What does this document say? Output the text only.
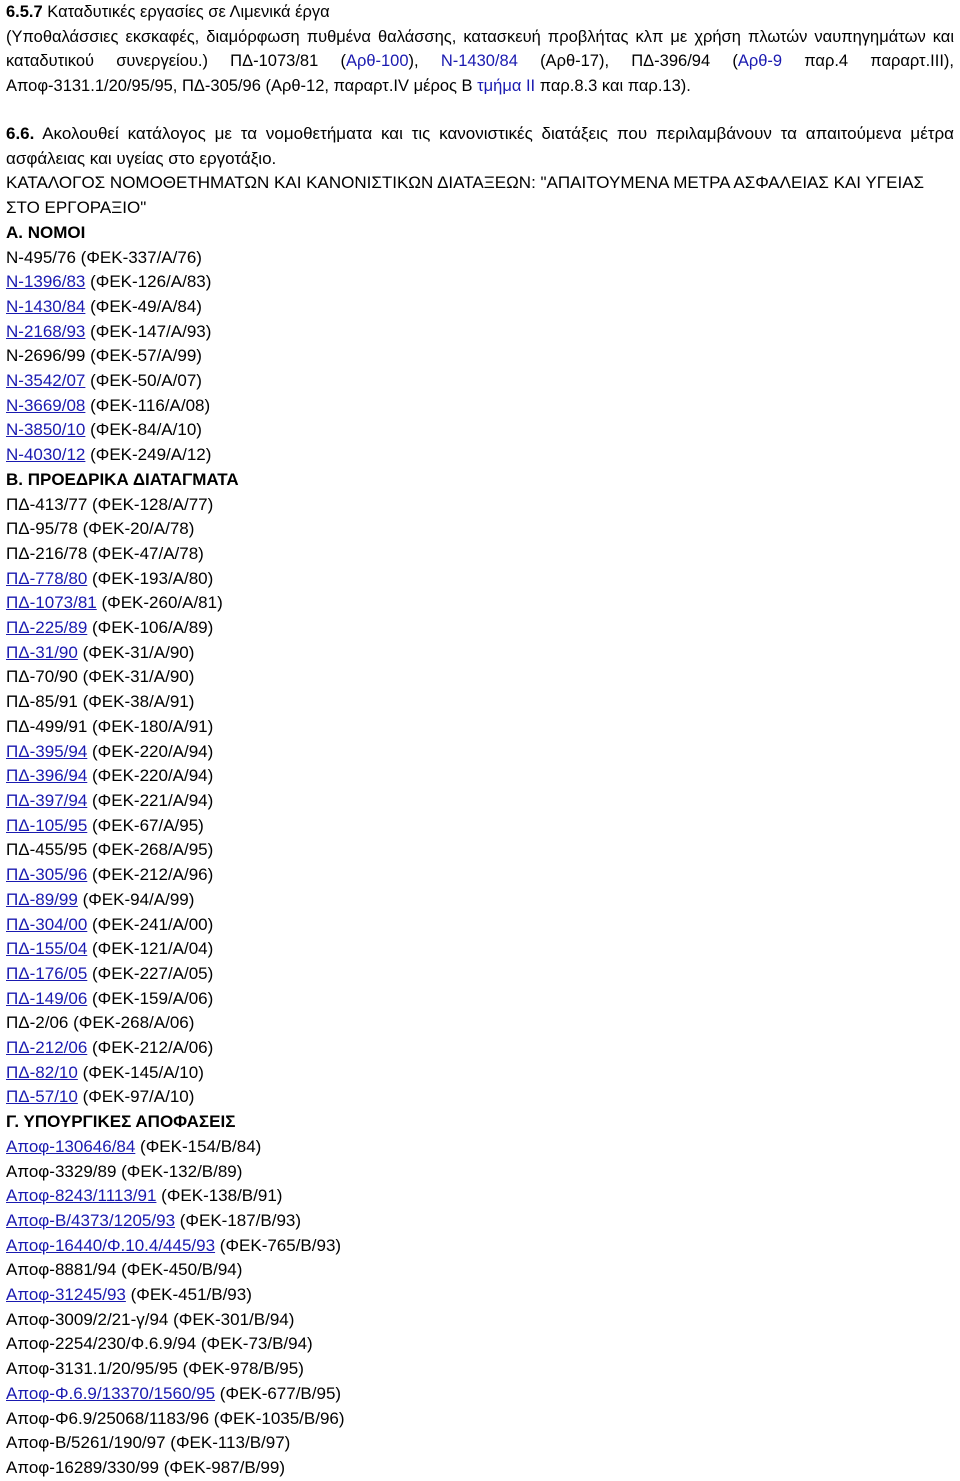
6.5.7 Καταδυτικές εργασίες σε Λιμενικά έργα
(Υποθαλάσσιες εκσκαφές, διαμόρφωση πυθμένα θαλάσσης, κατασκευή προβλήτας κλπ με χρήση πλωτών ναυπηγημάτων και καταδυτικού συνεργείου.) ΠΔ-1073/81 (Αρθ-100), Ν-1430/84 (Αρθ-17), ΠΔ-396/94 (Αρθ-9 παρ.4 παραρτ.III), Αποφ-3131.1/20/95/95, ΠΔ-305/96 (Αρθ-12, παραρτ.IV μέρος Β τμήμα ΙΙ παρ.8.3 και παρ.13).
6.6. Ακολουθεί κατάλογος με τα νομοθετήματα και τις κανονιστικές διατάξεις που περιλαμβάνουν τα απαιτούμενα μέτρα ασφάλειας και υγείας στο εργοτάξιο.
ΚΑΤΑΛΟΓΟΣ ΝΟΜΟΘΕΤΗΜΑΤΩΝ ΚΑΙ ΚΑΝΟΝΙΣΤΙΚΩΝ ΔΙΑΤΑΞΕΩΝ: "ΑΠΑΙΤΟΥΜΕΝΑ ΜΕΤΡΑ ΑΣΦΑΛΕΙΑΣ ΚΑΙ ΥΓΕΙΑΣ ΣΤΟ ΕΡΓΟΡΑΞΙΟ"
Α. ΝΟΜΟΙ
Ν-495/76 (ΦΕΚ-337/Α/76)
Ν-1396/83 (ΦΕΚ-126/Α/83)
Ν-1430/84 (ΦΕΚ-49/Α/84)
Ν-2168/93 (ΦΕΚ-147/Α/93)
Ν-2696/99 (ΦΕΚ-57/Α/99)
Ν-3542/07 (ΦΕΚ-50/Α/07)
Ν-3669/08 (ΦΕΚ-116/Α/08)
Ν-3850/10 (ΦΕΚ-84/Α/10)
Ν-4030/12 (ΦΕΚ-249/Α/12)
Β. ΠΡΟΕΔΡΙΚΑ ΔΙΑΤΑΓΜΑΤΑ
ΠΔ-413/77 (ΦΕΚ-128/Α/77)
ΠΔ-95/78 (ΦΕΚ-20/Α/78)
ΠΔ-216/78 (ΦΕΚ-47/Α/78)
ΠΔ-778/80 (ΦΕΚ-193/Α/80)
ΠΔ-1073/81 (ΦΕΚ-260/Α/81)
ΠΔ-225/89 (ΦΕΚ-106/Α/89)
ΠΔ-31/90 (ΦΕΚ-31/Α/90)
ΠΔ-70/90 (ΦΕΚ-31/Α/90)
ΠΔ-85/91 (ΦΕΚ-38/Α/91)
ΠΔ-499/91 (ΦΕΚ-180/Α/91)
ΠΔ-395/94 (ΦΕΚ-220/Α/94)
ΠΔ-396/94 (ΦΕΚ-220/Α/94)
ΠΔ-397/94 (ΦΕΚ-221/Α/94)
ΠΔ-105/95 (ΦΕΚ-67/Α/95)
ΠΔ-455/95 (ΦΕΚ-268/Α/95)
ΠΔ-305/96 (ΦΕΚ-212/Α/96)
ΠΔ-89/99 (ΦΕΚ-94/Α/99)
ΠΔ-304/00 (ΦΕΚ-241/Α/00)
ΠΔ-155/04 (ΦΕΚ-121/Α/04)
ΠΔ-176/05 (ΦΕΚ-227/Α/05)
ΠΔ-149/06 (ΦΕΚ-159/Α/06)
ΠΔ-2/06 (ΦΕΚ-268/Α/06)
ΠΔ-212/06 (ΦΕΚ-212/Α/06)
ΠΔ-82/10 (ΦΕΚ-145/Α/10)
ΠΔ-57/10 (ΦΕΚ-97/Α/10)
Γ. ΥΠΟΥΡΓΙΚΕΣ ΑΠΟΦΑΣΕΙΣ
Αποφ-130646/84 (ΦΕΚ-154/Β/84)
Αποφ-3329/89 (ΦΕΚ-132/Β/89)
Αποφ-8243/1113/91 (ΦΕΚ-138/Β/91)
Αποφ-Β/4373/1205/93 (ΦΕΚ-187/Β/93)
Αποφ-16440/Φ.10.4/445/93 (ΦΕΚ-765/Β/93)
Αποφ-8881/94 (ΦΕΚ-450/Β/94)
Αποφ-31245/93 (ΦΕΚ-451/Β/93)
Αποφ-3009/2/21-γ/94 (ΦΕΚ-301/Β/94)
Αποφ-2254/230/Φ.6.9/94 (ΦΕΚ-73/Β/94)
Αποφ-3131.1/20/95/95 (ΦΕΚ-978/Β/95)
Αποφ-Φ.6.9/13370/1560/95 (ΦΕΚ-677/Β/95)
Αποφ-Φ6.9/25068/1183/96 (ΦΕΚ-1035/Β/96)
Αποφ-Β/5261/190/97 (ΦΕΚ-113/Β/97)
Αποφ-16289/330/99 (ΦΕΚ-987/Β/99)
